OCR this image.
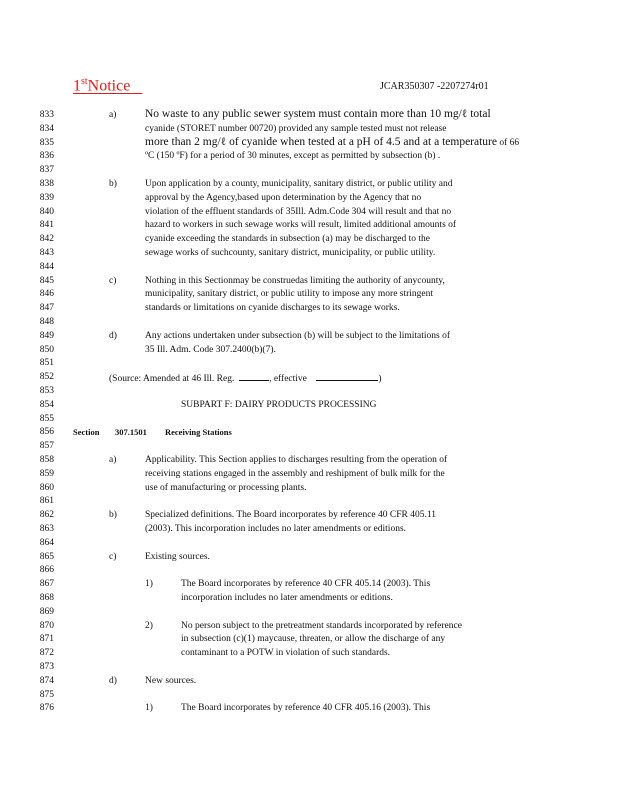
1stNotice	JCAR350307 -2207274r01
833
834
835
836
837
838
839
840
841
842
843
844
845
846
847
848
849
850
851
852
853
854
855
856
857
858
859
860
861
862
863
864
865
866
867
868
869
870
871
872
873
874
875
876
a) No waste to any public sewer system must contain more than 10 mg/ℓ total
cyanide (STORET number 00720) provided any sample tested must not release
more than 2 mg/ℓ of cyanide when tested at a pH of 4.5 and at a temperature of 66
ºC (150 ºF) for a period of 30 minutes, except as permitted by subsection (b) .
b)	Upon application by a county, municipality, sanitary district, or public utility and
approval by the Agency,based upon determination by the Agency that no
violation of the effluent standards of 35Ill. Adm.Code 304 will result and that no
hazard to workers in such sewage works will result, limited additional amounts of
cyanide exceeding the standards in subsection (a) may be discharged to the
sewage works of suchcounty, sanitary district, municipality, or public utility.
c)	Nothing in this Sectionmay be construedas limiting the authority of anycounty,
municipality, sanitary district, or public utility to impose any more stringent
standards or limitations on cyanide discharges to its sewage works.
d)	Any actions undertaken under subsection (b) will be subject to the limitations of
35 Ill. Adm. Code 307.2400(b)(7).
(Source: Amended at 46 Ill. Reg.	, effective	)
SUBPART F: DAIRY PRODUCTS PROCESSING
Section 307.1501 Receiving Stations
a)	Applicability. This Section applies to discharges resulting from the operation of
receiving stations engaged in the assembly and reshipment of bulk milk for the
use of manufacturing or processing plants.
b)	Specialized definitions. The Board incorporates by reference 40 CFR 405.11
(2003). This incorporation includes no later amendments or editions.
c)	Existing sources.
1)	The Board incorporates by reference 40 CFR 405.14 (2003). This
incorporation includes no later amendments or editions.
2)	No person subject to the pretreatment standards incorporated by reference
in subsection (c)(1) maycause, threaten, or allow the discharge of any
contaminant to a POTW in violation of such standards.
d)	New sources.
1)	The Board incorporates by reference 40 CFR 405.16 (2003). This
